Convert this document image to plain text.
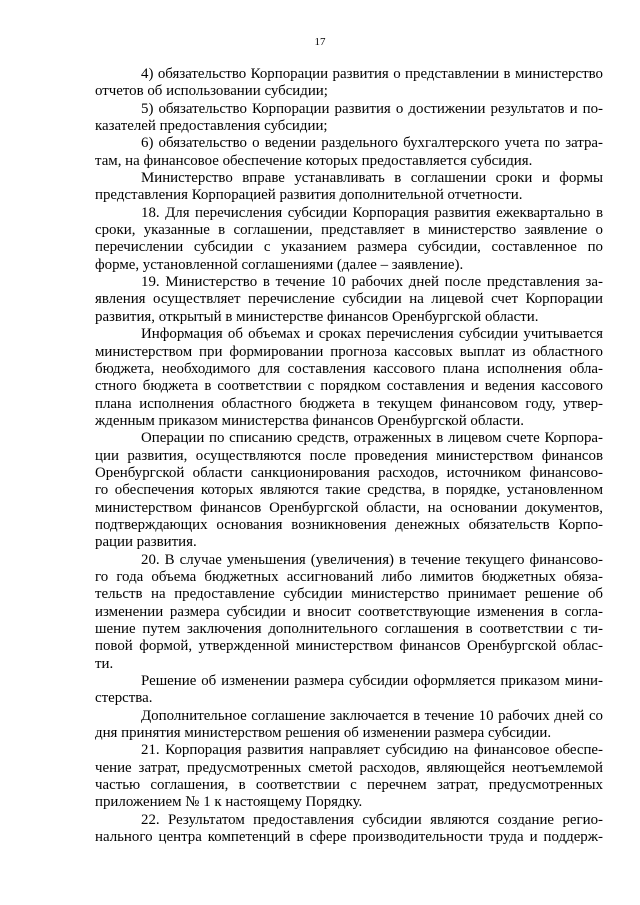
17
4) обязательство Корпорации развития о представлении в министерство
отчетов об использовании субсидии;
5) обязательство Корпорации развития о достижении результатов и по-
казателей предоставления субсидии;
6) обязательство о ведении раздельного бухгалтерского учета по затра-
там, на финансовое обеспечение которых предоставляется субсидия.
Министерство вправе устанавливать в соглашении сроки и формы
представления Корпорацией развития дополнительной отчетности.
18. Для перечисления субсидии Корпорация развития ежеквартально в
сроки, указанные в соглашении, представляет в министерство заявление о
перечислении субсидии с указанием размера субсидии, составленное по
форме, установленной соглашениями (далее – заявление).
19. Министерство в течение 10 рабочих дней после представления за-
явления осуществляет перечисление субсидии на лицевой счет Корпорации
развития, открытый в министерстве финансов Оренбургской области.
Информация об объемах и сроках перечисления субсидии учитывается
министерством при формировании прогноза кассовых выплат из областного
бюджета, необходимого для составления кассового плана исполнения обла-
стного бюджета в соответствии с порядком составления и ведения кассового
плана исполнения областного бюджета в текущем финансовом году, утвер-
жденным приказом министерства финансов Оренбургской области.
Операции по списанию средств, отраженных в лицевом счете Корпора-
ции развития, осуществляются после проведения министерством финансов
Оренбургской области санкционирования расходов, источником финансово-
го обеспечения которых являются такие средства, в порядке, установленном
министерством финансов Оренбургской области, на основании документов,
подтверждающих основания возникновения денежных обязательств Корпо-
рации развития.
20. В случае уменьшения (увеличения) в течение текущего финансово-
го года объема бюджетных ассигнований либо лимитов бюджетных обяза-
тельств на предоставление субсидии министерство принимает решение об
изменении размера субсидии и вносит соответствующие изменения в согла-
шение путем заключения дополнительного соглашения в соответствии с ти-
повой формой, утвержденной министерством финансов Оренбургской облас-
ти.
Решение об изменении размера субсидии оформляется приказом мини-
стерства.
Дополнительное соглашение заключается в течение 10 рабочих дней со
дня принятия министерством решения об изменении размера субсидии.
21. Корпорация развития направляет субсидию на финансовое обеспе-
чение затрат, предусмотренных сметой расходов, являющейся неотъемлемой
частью соглашения, в соответствии с перечнем затрат, предусмотренных
приложением № 1 к настоящему Порядку.
22. Результатом предоставления субсидии являются создание регио-
нального центра компетенций в сфере производительности труда и поддерж-
